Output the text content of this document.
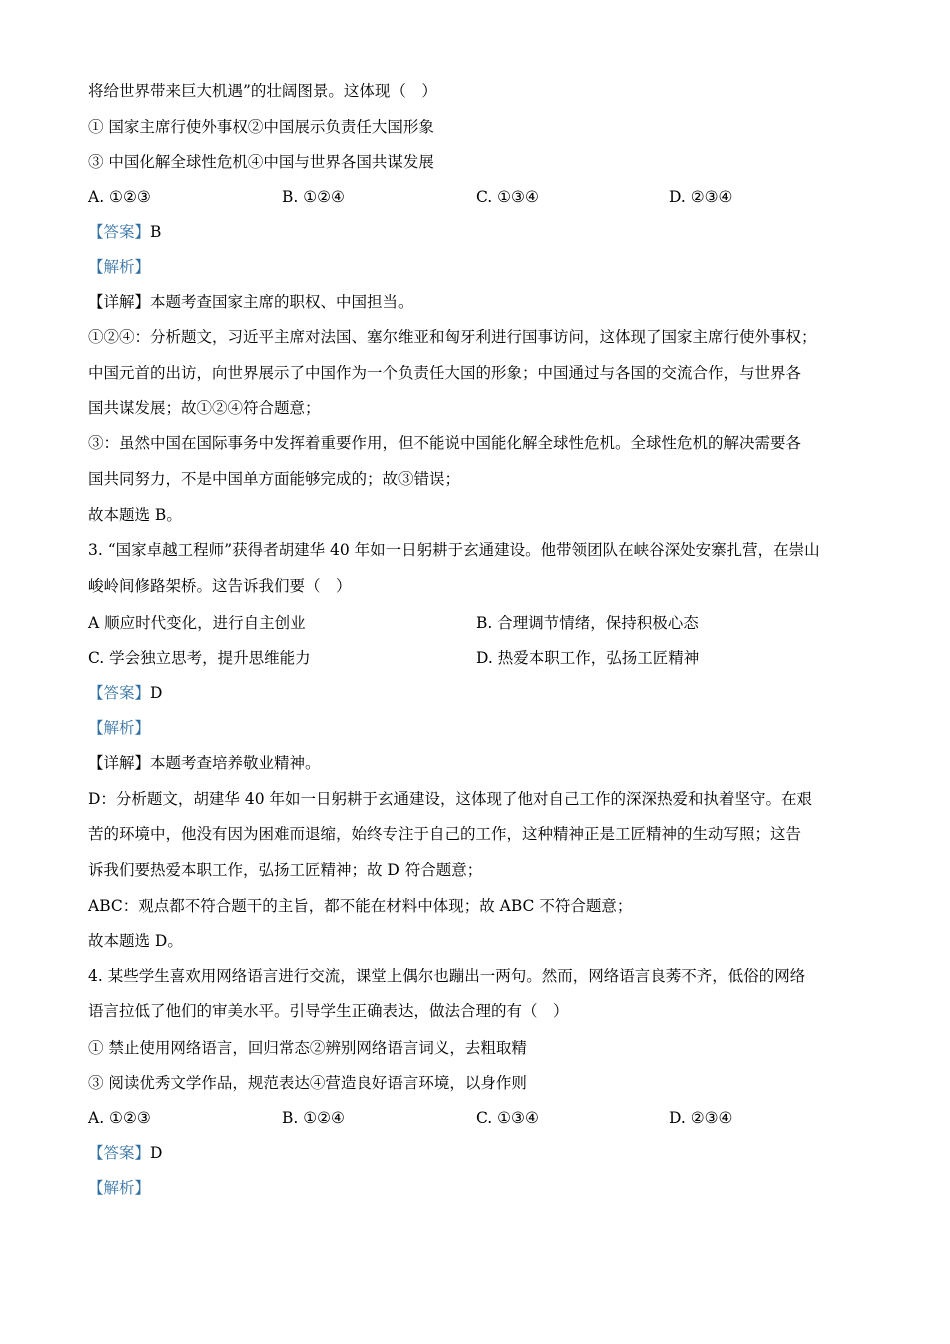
将给世界带来巨大机遇”的壮阔图景。这体现（　）
① 国家主席行使外事权②中国展示负责任大国形象
③ 中国化解全球性危机④中国与世界各国共谋发展
A. ①②③	B. ①②④	C. ①③④	D. ②③④
【答案】B
【解析】
【详解】本题考查国家主席的职权、中国担当。
①②④：分析题文，习近平主席对法国、塞尔维亚和匈牙利进行国事访问，这体现了国家主席行使外事权；
中国元首的出访，向世界展示了中国作为一个负责任大国的形象；中国通过与各国的交流合作，与世界各
国共谋发展；故①②④符合题意；
③：虽然中国在国际事务中发挥着重要作用，但不能说中国能化解全球性危机。全球性危机的解决需要各
国共同努力，不是中国单方面能够完成的；故③错误；
故本题选 B。
3. “国家卓越工程师”获得者胡建华 40 年如一日躬耕于玄通建设。他带领团队在峡谷深处安寨扎营，在崇山
峻岭间修路架桥。这告诉我们要（　）
A 顺应时代变化，进行自主创业	B. 合理调节情绪，保持积极心态
C. 学会独立思考，提升思维能力	D. 热爱本职工作，弘扬工匠精神
【答案】D
【解析】
【详解】本题考查培养敬业精神。
D：分析题文，胡建华 40 年如一日躬耕于玄通建设，这体现了他对自己工作的深深热爱和执着坚守。在艰
苦的环境中，他没有因为困难而退缩，始终专注于自己的工作，这种精神正是工匠精神的生动写照；这告
诉我们要热爱本职工作，弘扬工匠精神；故 D 符合题意；
ABC：观点都不符合题干的主旨，都不能在材料中体现；故 ABC 不符合题意；
故本题选 D。
4. 某些学生喜欢用网络语言进行交流，课堂上偶尔也蹦出一两句。然而，网络语言良莠不齐，低俗的网络
语言拉低了他们的审美水平。引导学生正确表达，做法合理的有（　）
① 禁止使用网络语言，回归常态②辨别网络语言词义，去粗取精
③ 阅读优秀文学作品，规范表达④营造良好语言环境，以身作则
A. ①②③	B. ①②④	C. ①③④	D. ②③④
【答案】D
【解析】
